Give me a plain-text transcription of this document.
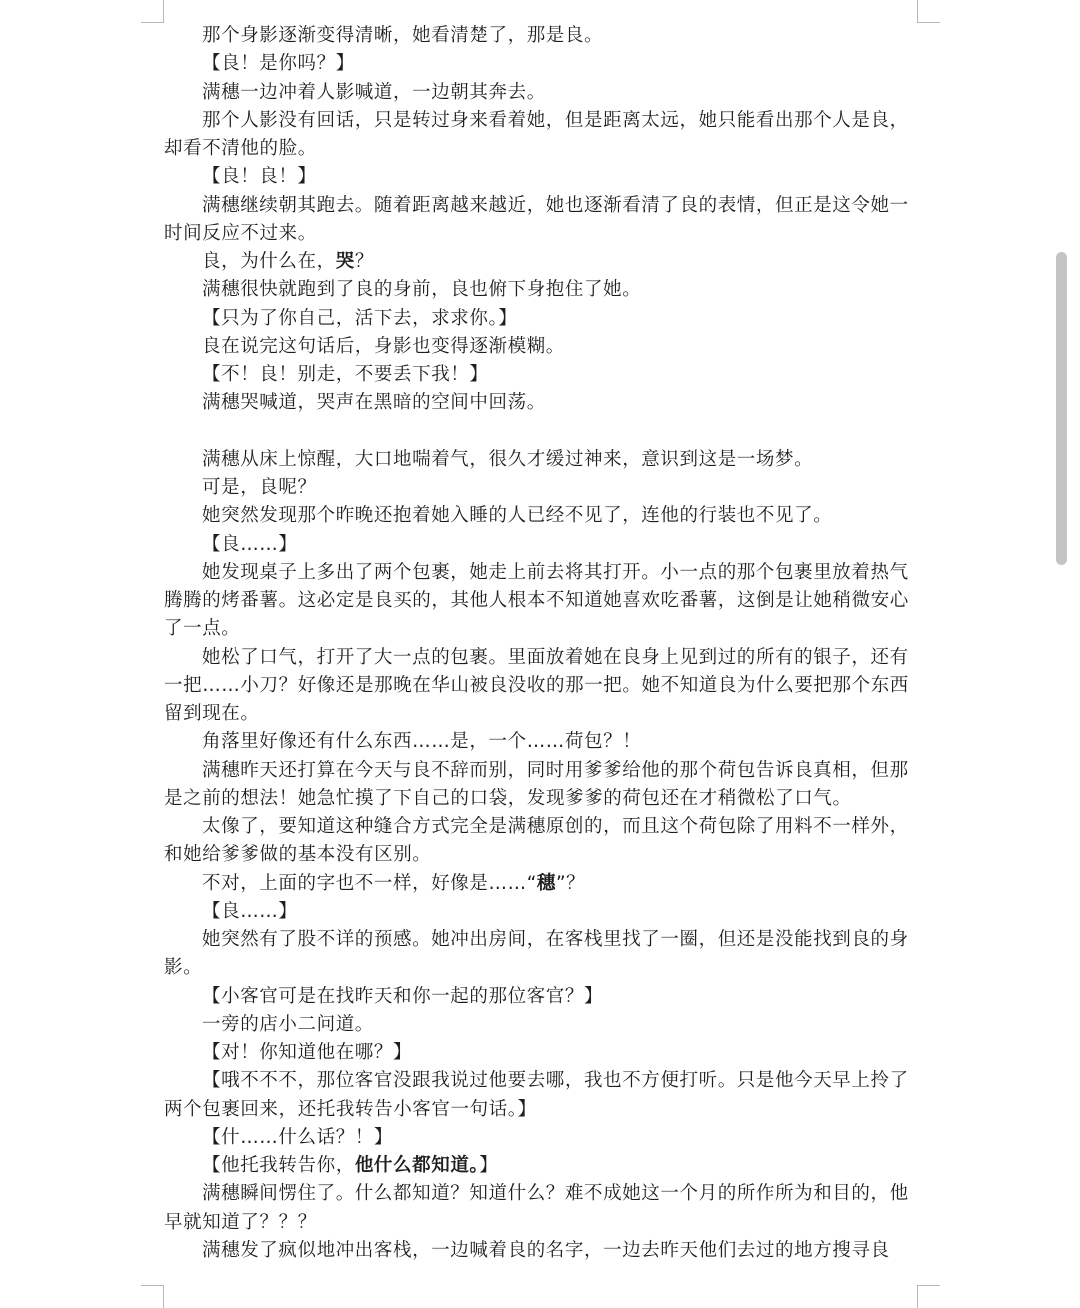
那个身影逐渐变得清晰，她看清楚了，那是良。

【良！是你吗？】

满穗一边冲着人影喊道，一边朝其奔去。

那个人影没有回话，只是转过身来看着她，但是距离太远，她只能看出那个人是良，却看不清他的脸。

【良！良！】

满穗继续朝其跑去。随着距离越来越近，她也逐渐看清了良的表情，但正是这令她一时间反应不过来。

良，为什么在，哭？

满穗很快就跑到了良的身前，良也俯下身抱住了她。

【只为了你自己，活下去，求求你。】

良在说完这句话后，身影也变得逐渐模糊。

【不！良！别走，不要丢下我！】

满穗哭喊道，哭声在黑暗的空间中回荡。

满穗从床上惊醒，大口地喘着气，很久才缓过神来，意识到这是一场梦。

可是，良呢？

她突然发现那个昨晚还抱着她入睡的人已经不见了，连他的行装也不见了。

【良……】

她发现桌子上多出了两个包裹，她走上前去将其打开。小一点的那个包裹里放着热气腾腾的烤番薯。这必定是良买的，其他人根本不知道她喜欢吃番薯，这倒是让她稍微安心了一点。

她松了口气，打开了大一点的包裹。里面放着她在良身上见到过的所有的银子，还有一把……小刀？好像还是那晚在华山被良没收的那一把。她不知道良为什么要把那个东西留到现在。

角落里好像还有什么东西……是，一个……荷包？！

满穗昨天还打算在今天与良不辞而别，同时用爹爹给他的那个荷包告诉良真相，但那是之前的想法！她急忙摸了下自己的口袋，发现爹爹的荷包还在才稍微松了口气。

太像了，要知道这种缝合方式完全是满穗原创的，而且这个荷包除了用料不一样外，和她给爹爹做的基本没有区别。

不对，上面的字也不一样，好像是……“穗”？

【良……】

她突然有了股不详的预感。她冲出房间，在客栈里找了一圈，但还是没能找到良的身影。

【小客官可是在找昨天和你一起的那位客官？】

一旁的店小二问道。

【对！你知道他在哪？】

【哦不不不，那位客官没跟我说过他要去哪，我也不方便打听。只是他今天早上拎了两个包裹回来，还托我转告小客官一句话。】

【什……什么话？！】

【他托我转告你，他什么都知道。】

满穗瞬间愣住了。什么都知道？知道什么？难不成她这一个月的所作所为和目的，他早就知道了？？？

满穗发了疯似地冲出客栈，一边喊着良的名字，一边去昨天他们去过的地方搜寻良
